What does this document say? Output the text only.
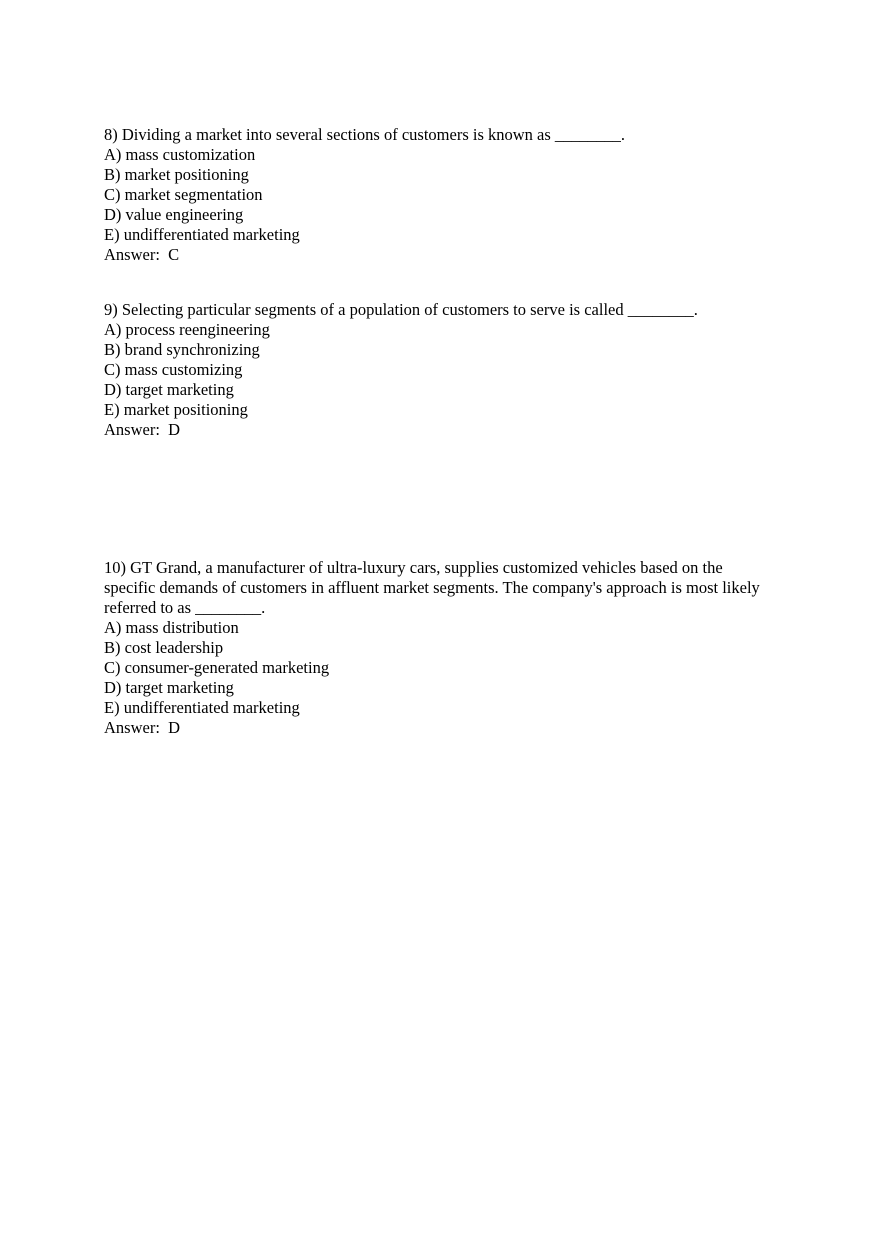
8) Dividing a market into several sections of customers is known as ________.

A) mass customization

B) market positioning

C) market segmentation

D) value engineering

E) undifferentiated marketing

Answer:  C

9) Selecting particular segments of a population of customers to serve is called ________.

A) process reengineering

B) brand synchronizing

C) mass customizing

D) target marketing

E) market positioning

Answer:  D

10) GT Grand, a manufacturer of ultra-luxury cars, supplies customized vehicles based on the specific demands of customers in affluent market segments. The company's approach is most likely referred to as ________.

A) mass distribution

B) cost leadership

C) consumer-generated marketing

D) target marketing

E) undifferentiated marketing

Answer:  D
